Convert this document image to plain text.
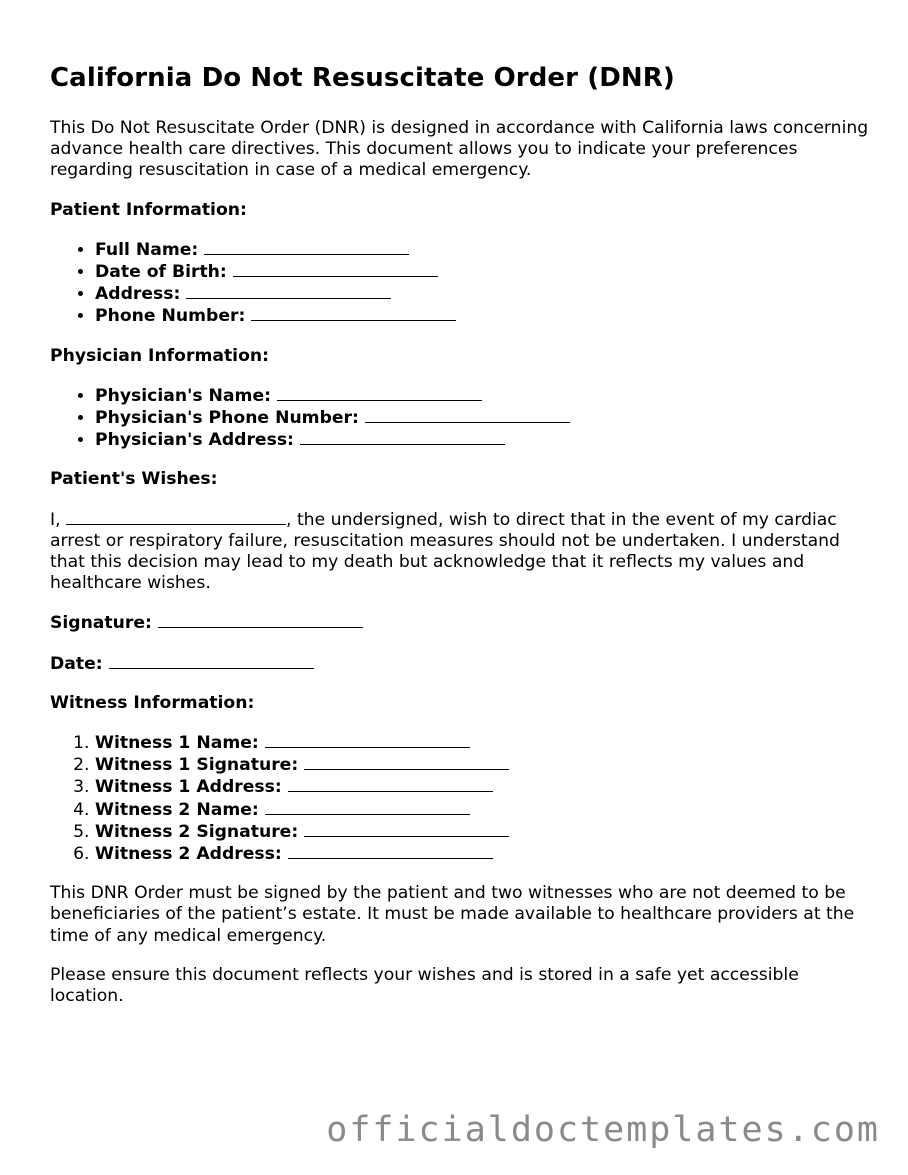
California Do Not Resuscitate Order (DNR)

This Do Not Resuscitate Order (DNR) is designed in accordance with California laws concerning advance health care directives. This document allows you to indicate your preferences regarding resuscitation in case of a medical emergency.

Patient Information:
• Full Name:
• Date of Birth:
• Address:
• Phone Number:
Physician Information:
• Physician's Name:
• Physician's Phone Number:
• Physician's Address:
Patient's Wishes:

I,	, the undersigned, wish to direct that in the event of my cardiac arrest or respiratory failure, resuscitation measures should not be undertaken. I understand that this decision may lead to my death but acknowledge that it reflects my values and healthcare wishes.

Signature:
Date:
Witness Information:
1. Witness 1 Name:
2. Witness 1 Signature:
3. Witness 1 Address:
4. Witness 2 Name:
5. Witness 2 Signature:
6. Witness 2 Address:

This DNR Order must be signed by the patient and two witnesses who are not deemed to be beneficiaries of the patient’s estate. It must be made available to healthcare providers at the time of any medical emergency.

Please ensure this document reflects your wishes and is stored in a safe yet accessible location.

officialdoctemplates.com
